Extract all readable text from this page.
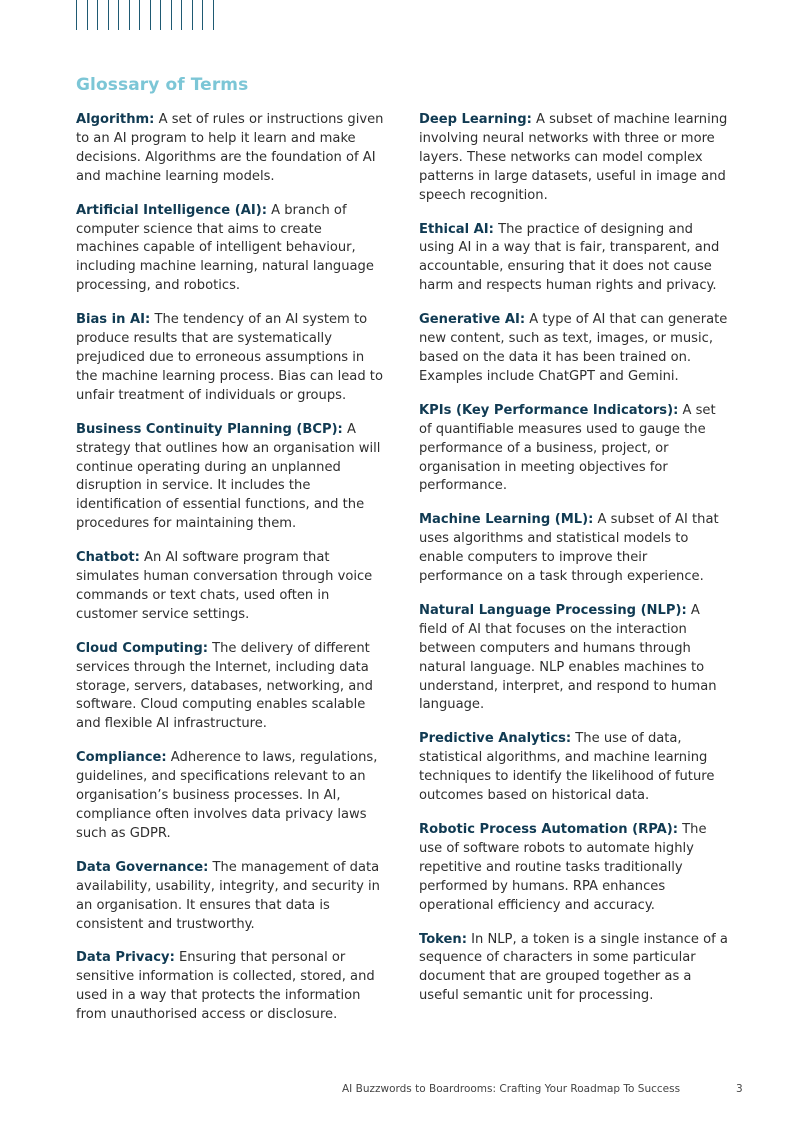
Glossary of Terms

Algorithm: A set of rules or instructions given to an AI program to help it learn and make decisions. Algorithms are the foundation of AI and machine learning models.

Artificial Intelligence (AI): A branch of computer science that aims to create machines capable of intelligent behaviour, including machine learning, natural language processing, and robotics.

Bias in AI: The tendency of an AI system to produce results that are systematically prejudiced due to erroneous assumptions in the machine learning process. Bias can lead to unfair treatment of individuals or groups.

Business Continuity Planning (BCP): A strategy that outlines how an organisation will continue operating during an unplanned disruption in service. It includes the identification of essential functions, and the procedures for maintaining them.

Chatbot: An AI software program that simulates human conversation through voice commands or text chats, used often in customer service settings.

Cloud Computing: The delivery of different services through the Internet, including data storage, servers, databases, networking, and software. Cloud computing enables scalable and flexible AI infrastructure.

Compliance: Adherence to laws, regulations, guidelines, and specifications relevant to an organisation’s business processes. In AI, compliance often involves data privacy laws such as GDPR.

Data Governance: The management of data availability, usability, integrity, and security in an organisation. It ensures that data is consistent and trustworthy.

Data Privacy: Ensuring that personal or sensitive information is collected, stored, and used in a way that protects the information from unauthorised access or disclosure.

Deep Learning: A subset of machine learning involving neural networks with three or more layers. These networks can model complex patterns in large datasets, useful in image and speech recognition.

Ethical AI: The practice of designing and using AI in a way that is fair, transparent, and accountable, ensuring that it does not cause harm and respects human rights and privacy.

Generative AI: A type of AI that can generate new content, such as text, images, or music, based on the data it has been trained on. Examples include ChatGPT and Gemini.

KPIs (Key Performance Indicators): A set of quantifiable measures used to gauge the performance of a business, project, or organisation in meeting objectives for performance.

Machine Learning (ML): A subset of AI that uses algorithms and statistical models to enable computers to improve their performance on a task through experience.

Natural Language Processing (NLP): A field of AI that focuses on the interaction between computers and humans through natural language. NLP enables machines to understand, interpret, and respond to human language.

Predictive Analytics: The use of data, statistical algorithms, and machine learning techniques to identify the likelihood of future outcomes based on historical data.

Robotic Process Automation (RPA): The use of software robots to automate highly repetitive and routine tasks traditionally performed by humans. RPA enhances operational efficiency and accuracy.

Token: In NLP, a token is a single instance of a sequence of characters in some particular document that are grouped together as a useful semantic unit for processing.

AI Buzzwords to Boardrooms: Crafting Your Roadmap To Success	3
